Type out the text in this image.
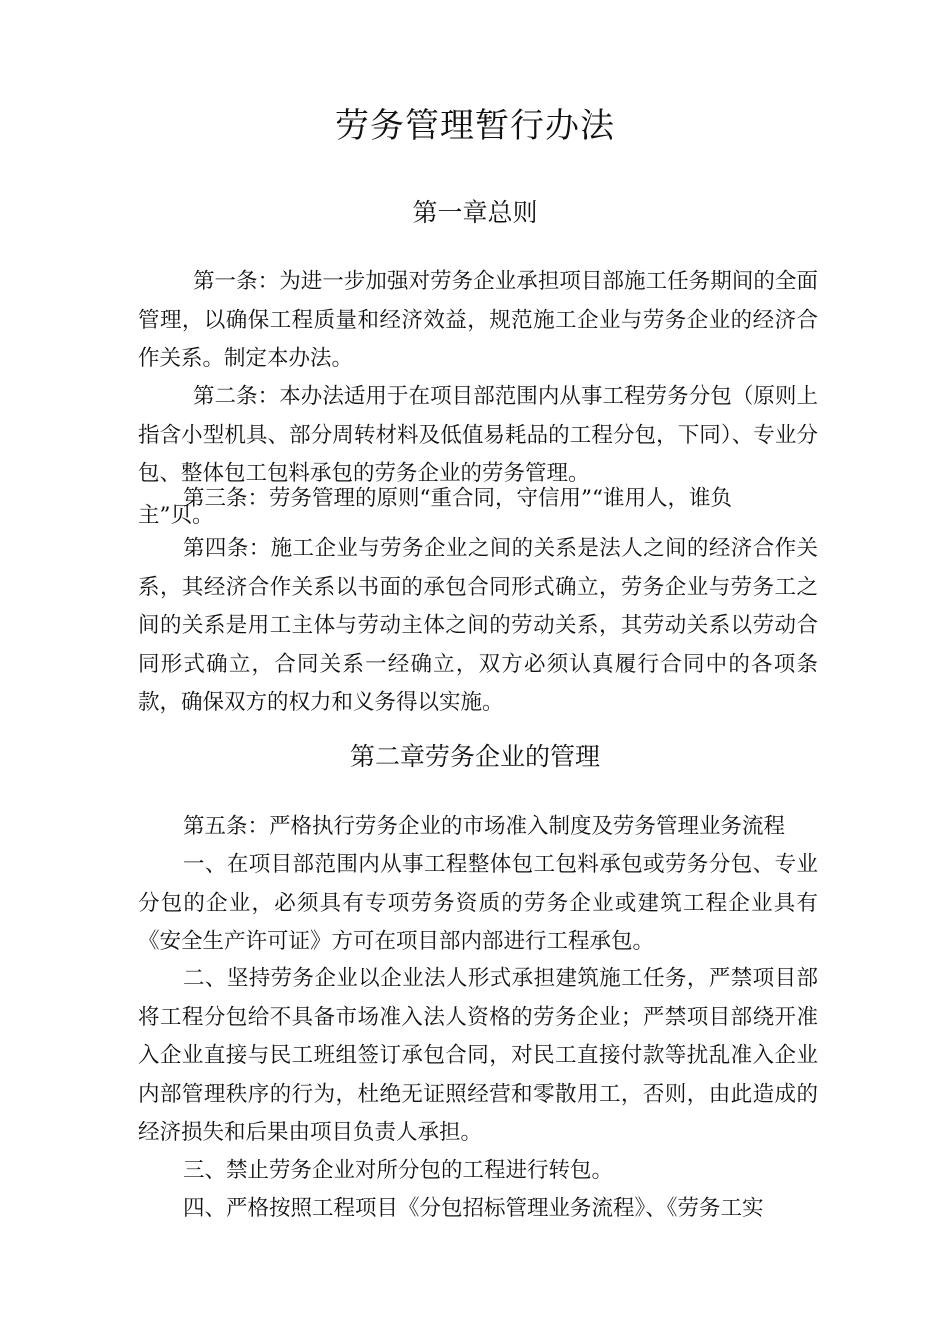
劳务管理暂行办法
第一章总则

第一条：为进一步加强对劳务企业承担项目部施工任务期间的全面管理，以确保工程质量和经济效益，规范施工企业与劳务企业的经济合作关系。制定本办法。

第二条：本办法适用于在项目部范围内从事工程劳务分包（原则上指含小型机具、部分周转材料及低值易耗品的工程分包，下同）、专业分包、整体包工包料承包的劳务企业的劳务管理。

第三条：劳务管理的原则“重合同，守信用”“谁用人，谁负
主”贝。

第四条：施工企业与劳务企业之间的关系是法人之间的经济合作关系，其经济合作关系以书面的承包合同形式确立，劳务企业与劳务工之间的关系是用工主体与劳动主体之间的劳动关系，其劳动关系以劳动合同形式确立，合同关系一经确立，双方必须认真履行合同中的各项条款，确保双方的权力和义务得以实施。

第二章劳务企业的管理

第五条：严格执行劳务企业的市场准入制度及劳务管理业务流程

一、在项目部范围内从事工程整体包工包料承包或劳务分包、专业分包的企业，必须具有专项劳务资质的劳务企业或建筑工程企业具有《安全生产许可证》方可在项目部内部进行工程承包。

二、坚持劳务企业以企业法人形式承担建筑施工任务，严禁项目部将工程分包给不具备市场准入法人资格的劳务企业；严禁项目部绕开准入企业直接与民工班组签订承包合同，对民工直接付款等扰乱准入企业内部管理秩序的行为，杜绝无证照经营和零散用工，否则，由此造成的经济损失和后果由项目负责人承担。

三、禁止劳务企业对所分包的工程进行转包。

四、严格按照工程项目《分包招标管理业务流程》、《劳务工实
